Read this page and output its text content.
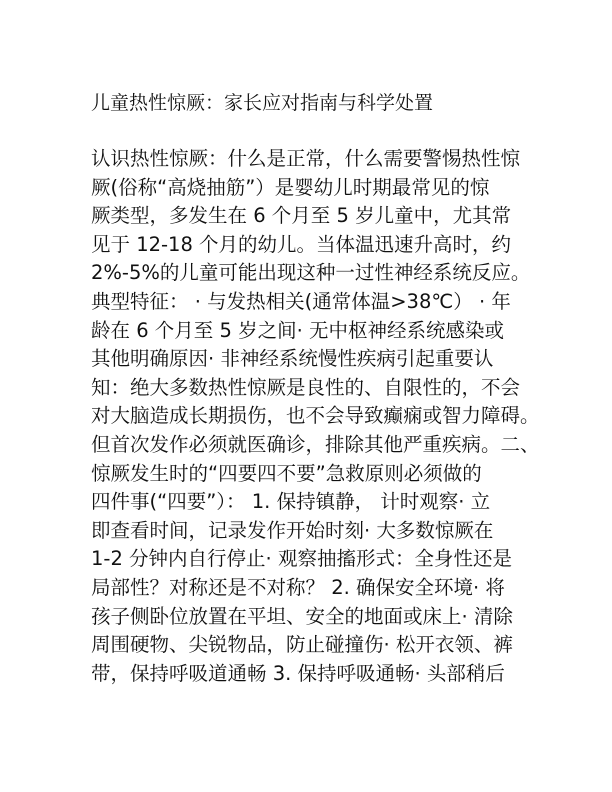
儿童热性惊厥：家长应对指南与科学处置
认识热性惊厥：什么是正常，什么需要警惕热性惊
厥(俗称“高烧抽筋”）是婴幼儿时期最常见的惊
厥类型，多发生在 6 个月至 5 岁儿童中，尤其常
见于 12-18 个月的幼儿。当体温迅速升高时，约
2%-5%的儿童可能出现这种一过性神经系统反应。
典型特征： · 与发热相关(通常体温>38℃） · 年
龄在 6 个月至 5 岁之间· 无中枢神经系统感染或
其他明确原因· 非神经系统慢性疾病引起重要认
知：绝大多数热性惊厥是良性的、自限性的，不会
对大脑造成长期损伤，也不会导致癫痫或智力障碍。
但首次发作必须就医确诊，排除其他严重疾病。二、
惊厥发生时的“四要四不要”急救原则必须做的
四件事(“四要”）： 1. 保持镇静， 计时观察· 立
即查看时间，记录发作开始时刻· 大多数惊厥在
1-2 分钟内自行停止· 观察抽搐形式：全身性还是
局部性？对称还是不对称？ 2. 确保安全环境· 将
孩子侧卧位放置在平坦、安全的地面或床上· 清除
周围硬物、尖锐物品，防止碰撞伤· 松开衣领、裤
带，保持呼吸道通畅 3. 保持呼吸通畅· 头部稍后
